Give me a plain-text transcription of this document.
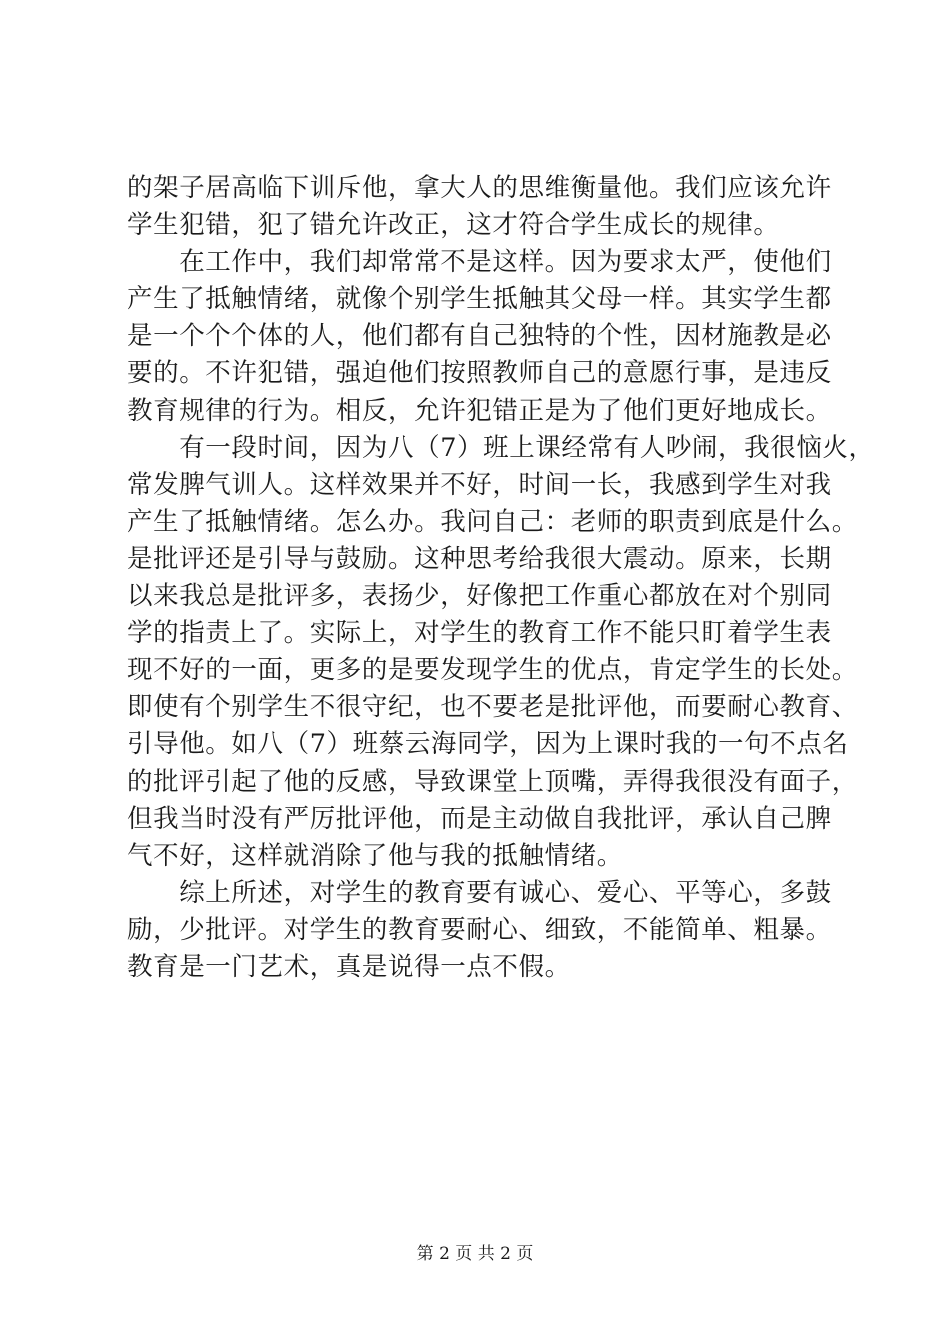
的架子居高临下训斥他，拿大人的思维衡量他。我们应该允许
学生犯错，犯了错允许改正，这才符合学生成长的规律。
　　在工作中，我们却常常不是这样。因为要求太严，使他们
产生了抵触情绪，就像个别学生抵触其父母一样。其实学生都
是一个个个体的人，他们都有自己独特的个性，因材施教是必
要的。不许犯错，强迫他们按照教师自己的意愿行事，是违反
教育规律的行为。相反，允许犯错正是为了他们更好地成长。
　　有一段时间，因为八（7）班上课经常有人吵闹，我很恼火，
常发脾气训人。这样效果并不好，时间一长，我感到学生对我
产生了抵触情绪。怎么办。我问自己：老师的职责到底是什么。
是批评还是引导与鼓励。这种思考给我很大震动。原来，长期
以来我总是批评多，表扬少，好像把工作重心都放在对个别同
学的指责上了。实际上，对学生的教育工作不能只盯着学生表
现不好的一面，更多的是要发现学生的优点，肯定学生的长处。
即使有个别学生不很守纪，也不要老是批评他，而要耐心教育、
引导他。如八（7）班蔡云海同学，因为上课时我的一句不点名
的批评引起了他的反感，导致课堂上顶嘴，弄得我很没有面子，
但我当时没有严厉批评他，而是主动做自我批评，承认自己脾
气不好，这样就消除了他与我的抵触情绪。
　　综上所述，对学生的教育要有诚心、爱心、平等心，多鼓
励，少批评。对学生的教育要耐心、细致，不能简单、粗暴。
教育是一门艺术，真是说得一点不假。
第 2 页 共 2 页
